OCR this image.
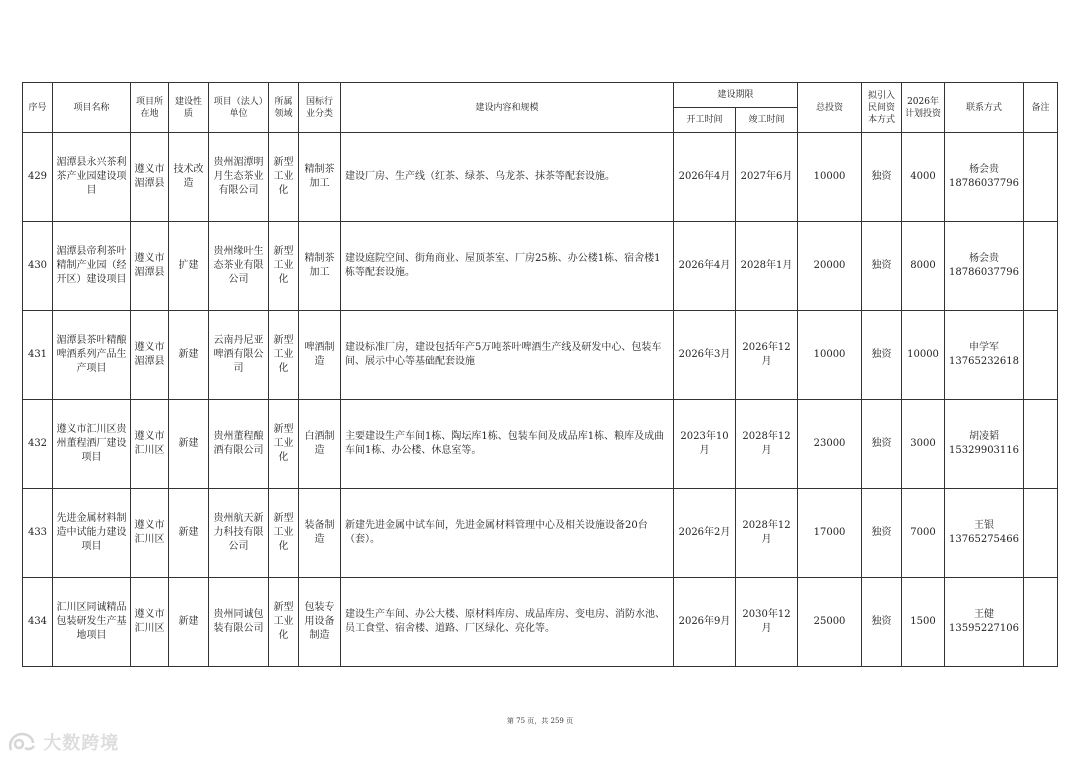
序号	项目名称	项目所在地	建设性质	项目（法人）单位	所属领域	国标行业分类	建设内容和规模	建设期限		总投资	拟引入民间资本方式	2026年计划投资	联系方式	备注
								开工时间	竣工时间					
429	湄潭县永兴茶利茶产业园建设项目	遵义市湄潭县	技术改造	贵州湄潭明月生态茶业有限公司	新型工业化	精制茶加工	建设厂房、生产线（红茶、绿茶、乌龙茶、抹茶等配套设施。	2026年4月	2027年6月	10000	独资	4000	杨会贵
18786037796	
430	湄潭县帝利茶叶精制产业园（经开区）建设项目	遵义市湄潭县	扩建	贵州缘叶生态茶业有限公司	新型工业化	精制茶加工	建设庭院空间、街角商业、屋顶茶室、厂房25栋、办公楼1栋、宿舍楼1栋等配套设施。	2026年4月	2028年1月	20000	独资	8000	杨会贵
18786037796	
431	湄潭县茶叶精酿啤酒系列产品生产项目	遵义市湄潭县	新建	云南丹尼亚啤酒有限公司	新型工业化	啤酒制造	建设标准厂房，建设包括年产5万吨茶叶啤酒生产线及研发中心、包装车间、展示中心等基础配套设施	2026年3月	2026年12月	10000	独资	10000	申学军
13765232618	
432	遵义市汇川区贵州董程酒厂建设项目	遵义市汇川区	新建	贵州董程酿酒有限公司	新型工业化	白酒制造	主要建设生产车间1栋、陶坛库1栋、包装车间及成品库1栋、粮库及成曲车间1栋、办公楼、休息室等。	2023年10月	2028年12月	23000	独资	3000	胡凌韬
15329903116	
433	先进金属材料制造中试能力建设项目	遵义市汇川区	新建	贵州航天新力科技有限公司	新型工业化	装备制造	新建先进金属中试车间，先进金属材料管理中心及相关设施设备20台（套）。	2026年2月	2028年12月	17000	独资	7000	王银
13765275466	
434	汇川区同诚精品包装研发生产基地项目	遵义市汇川区	新建	贵州同诚包装有限公司	新型工业化	包装专用设备制造	建设生产车间、办公大楼、原材料库房、成品库房、变电房、消防水池、员工食堂、宿舍楼、道路、厂区绿化、亮化等。	2026年9月	2030年12月	25000	独资	1500	王健
13595227106	
第 75 页，共 259 页
大数跨境
